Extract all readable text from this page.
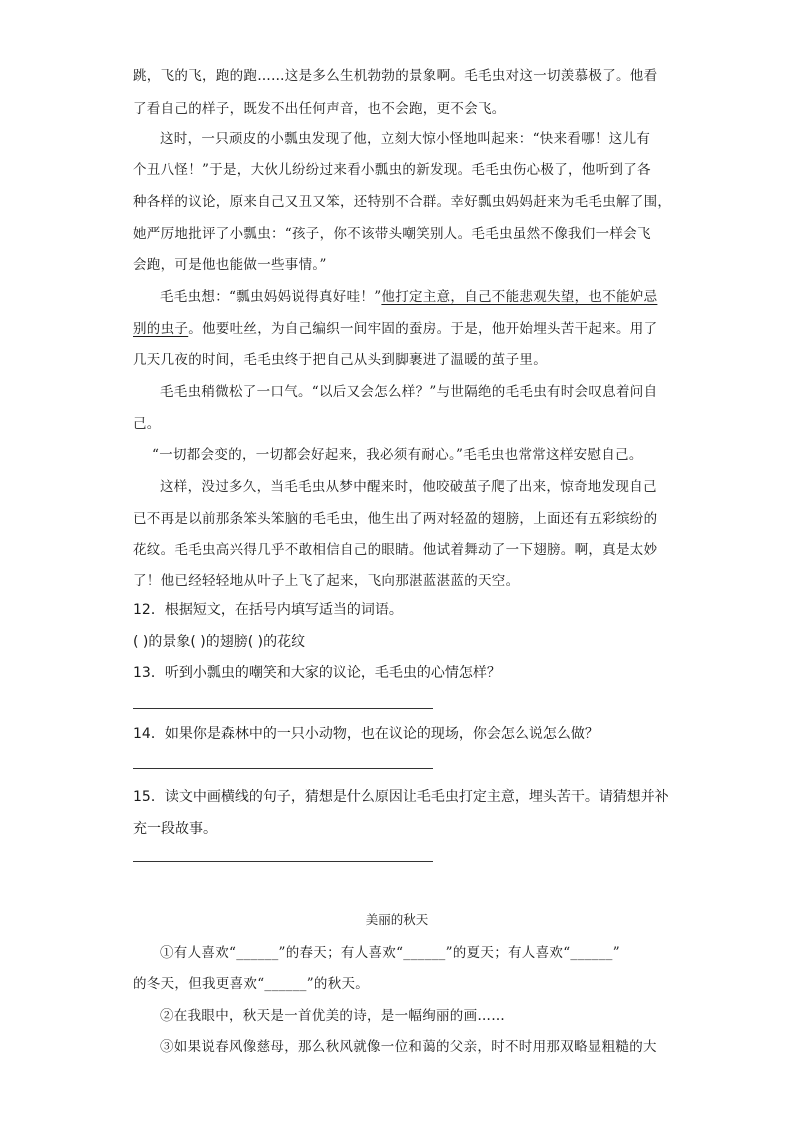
跳，飞的飞，跑的跑……这是多么生机勃勃的景象啊。毛毛虫对这一切羡慕极了。他看
了看自己的样子，既发不出任何声音，也不会跑，更不会飞。
这时，一只顽皮的小瓢虫发现了他，立刻大惊小怪地叫起来：“快来看哪！这儿有
个丑八怪！”于是，大伙儿纷纷过来看小瓢虫的新发现。毛毛虫伤心极了，他听到了各
种各样的议论，原来自己又丑又笨，还特别不合群。幸好瓢虫妈妈赶来为毛毛虫解了围，
她严厉地批评了小瓢虫：“孩子，你不该带头嘲笑别人。毛毛虫虽然不像我们一样会飞
会跑，可是他也能做一些事情。”
毛毛虫想：“瓢虫妈妈说得真好哇！”他打定主意，自己不能悲观失望，也不能妒忌
别的虫子。他要吐丝，为自己编织一间牢固的蚕房。于是，他开始埋头苦干起来。用了
几天几夜的时间，毛毛虫终于把自己从头到脚裹进了温暖的茧子里。
毛毛虫稍微松了一口气。“以后又会怎么样？”与世隔绝的毛毛虫有时会叹息着问自
己。
“一切都会变的，一切都会好起来，我必须有耐心。”毛毛虫也常常这样安慰自己。
这样，没过多久，当毛毛虫从梦中醒来时，他咬破茧子爬了出来，惊奇地发现自己
已不再是以前那条笨头笨脑的毛毛虫，他生出了两对轻盈的翅膀，上面还有五彩缤纷的
花纹。毛毛虫高兴得几乎不敢相信自己的眼睛。他试着舞动了一下翅膀。啊，真是太妙
了！他已经轻轻地从叶子上飞了起来，飞向那湛蓝湛蓝的天空。
12．根据短文，在括号内填写适当的词语。
( )的景象( )的翅膀( )的花纹
13．听到小瓢虫的嘲笑和大家的议论，毛毛虫的心情怎样？
14．如果你是森林中的一只小动物，也在议论的现场，你会怎么说怎么做？
15．读文中画横线的句子，猜想是什么原因让毛毛虫打定主意，埋头苦干。请猜想并补
充一段故事。
美丽的秋天
①有人喜欢“______”的春天；有人喜欢“______”的夏天；有人喜欢“______”
的冬天，但我更喜欢“______”的秋天。
②在我眼中，秋天是一首优美的诗，是一幅绚丽的画……
③如果说春风像慈母，那么秋风就像一位和蔼的父亲，时不时用那双略显粗糙的大
